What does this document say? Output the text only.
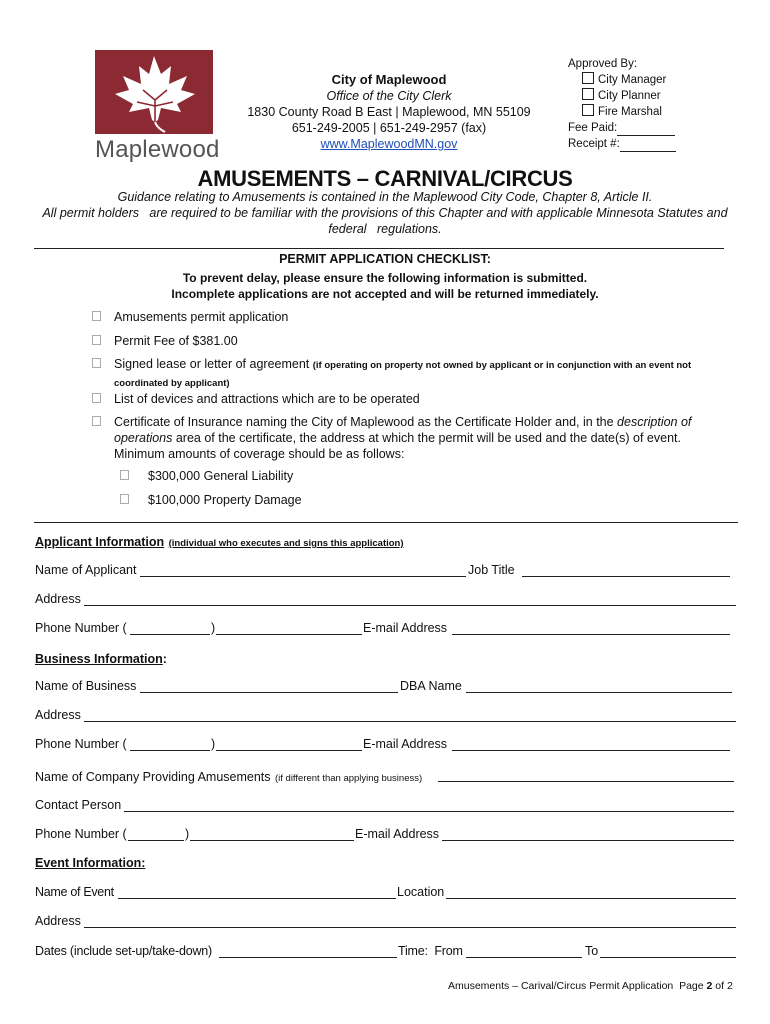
Maplewood
City of Maplewood
Office of the City Clerk
1830 County Road B East | Maplewood, MN 55109
651-249-2005 | 651-249-2957 (fax)
www.MaplewoodMN.gov
Approved By:
City Manager
City Planner
Fire Marshal
Fee Paid:
Receipt #:
AMUSEMENTS – CARNIVAL/CIRCUS
Guidance relating to Amusements is contained in the Maplewood City Code, Chapter 8, Article II.
All permit holders   are required to be familiar with the provisions of this Chapter and with applicable Minnesota Statutes and
federal   regulations.
PERMIT APPLICATION CHECKLIST:
To prevent delay, please ensure the following information is submitted.
Incomplete applications are not accepted and will be returned immediately.
Amusements permit application
Permit Fee of $381.00
Signed lease or letter of agreement (if operating on property not owned by applicant or in conjunction with an event not
coordinated by applicant)
List of devices and attractions which are to be operated
Certificate of Insurance naming the City of Maplewood as the Certificate Holder and, in the description of
operations area of the certificate, the address at which the permit will be used and the date(s) of event.
Minimum amounts of coverage should be as follows:
$300,000 General Liability
$100,000 Property Damage
Applicant Information (individual who executes and signs this application)
Name of Applicant	Job Title
Address
Phone Number (	)	E-mail Address
Business Information:
Name of Business	DBA Name
Address
Phone Number (	)	E-mail Address
Name of Company Providing Amusements (if different than applying business)
Contact Person
Phone Number (	)	E-mail Address
Event Information:
Name of Event	Location
Address
Dates (include set-up/take-down)	Time:  From	To
Amusements – Carival/Circus Permit Application  Page 2 of 2
